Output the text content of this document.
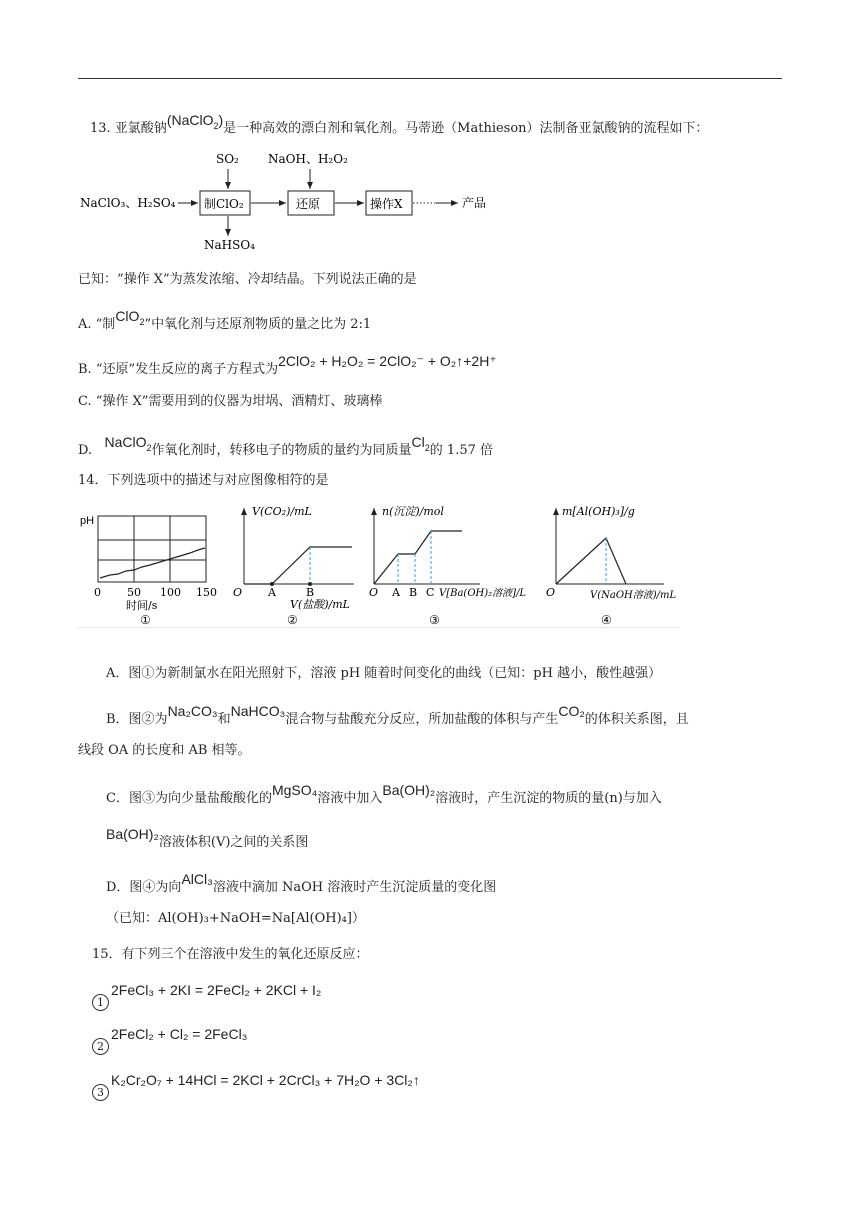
13. 亚氯酸钠(NaClO$_2$)是一种高效的漂白剂和氧化剂。马蒂逊（Mathieson）法制备亚氯酸钠的流程如下：
NaClO₃、H₂SO₄ 制ClO₂
SO₂
NaHSO₄
还原
NaOH、H₂O₂
操作X	产品
已知：“操作 X”为蒸发浓缩、冷却结晶。下列说法正确的是
A. “制ClO$_2$”中氧化剂与还原剂物质的量之比为 2:1
B. “还原”发生反应的离子方程式为2ClO₂ + H₂O₂ = 2ClO₂⁻ + O₂↑+2H⁺
C. “操作 X”需要用到的仪器为坩埚、酒精灯、玻璃棒
D.   NaClO$_2$作氧化剂时，转移电子的物质的量约为同质量$Cl_2$的 1.57 倍
14．下列选项中的描述与对应图像相符的是
pH
0 50 100 150
时间/s
①
V(CO₂)/mL
O A	B
V(盐酸)/mL
②
n(沉淀)/mol
O A B C V[Ba(OH)₂溶液]/L
③
m[Al(OH)₃]/g
O	V(NaOH溶液)/mL
④
A．图①为新制氯水在阳光照射下，溶液 pH 随着时间变化的曲线（已知：pH 越小，酸性越强）
B．图②为Na₂CO₃和NaHCO₃混合物与盐酸充分反应，所加盐酸的体积与产生CO₂的体积关系图，且
线段 OA 的长度和 AB 相等。
C．图③为向少量盐酸酸化的MgSO₄溶液中加入Ba(OH)₂溶液时，产生沉淀的物质的量(n)与加入
Ba(OH)₂溶液体积(V)之间的关系图
D．图④为向AlCl₃溶液中滴加 NaOH 溶液时产生沉淀质量的变化图
（已知：Al(OH)₃+NaOH=Na[Al(OH)₄]）
15．有下列三个在溶液中发生的氧化还原反应：
12FeCl₃ + 2KI = 2FeCl₂ + 2KCl + I₂
22FeCl₂ + Cl₂ = 2FeCl₃
3K₂Cr₂O₇ + 14HCl = 2KCl + 2CrCl₃ + 7H₂O + 3Cl₂↑
